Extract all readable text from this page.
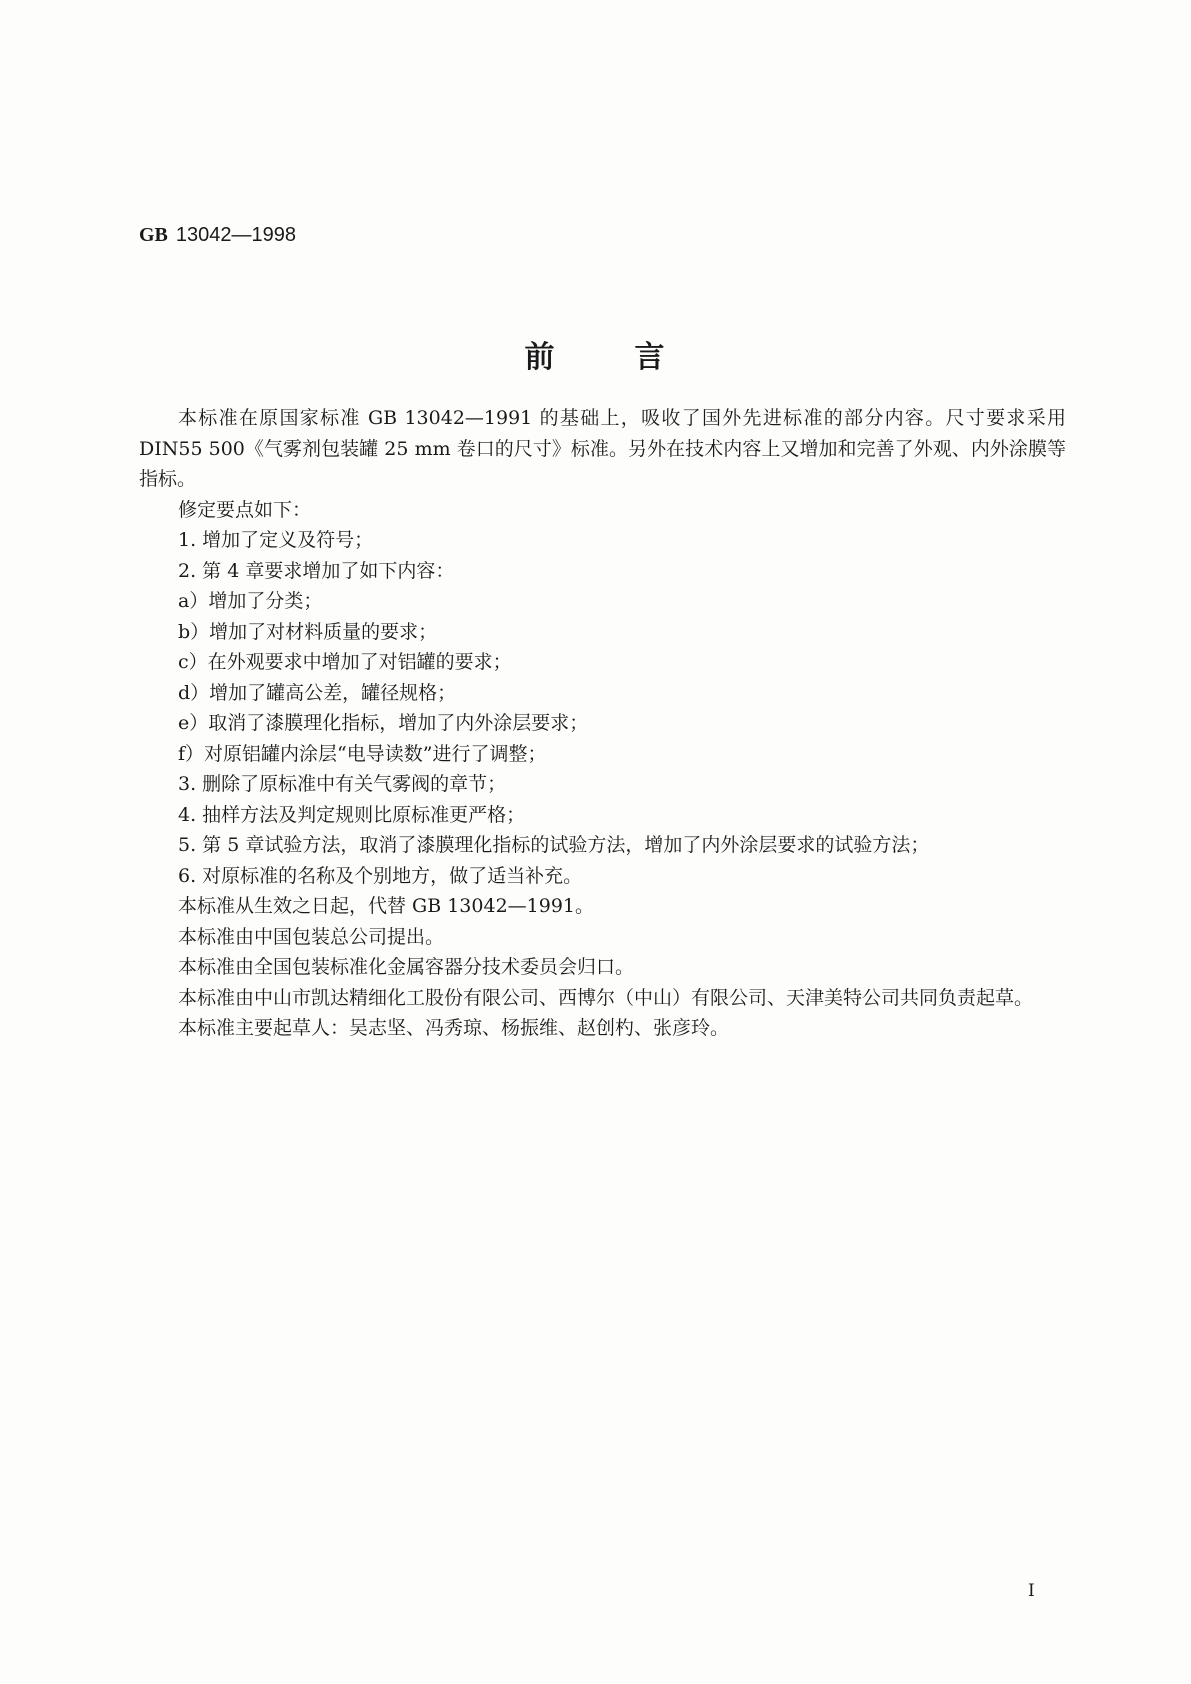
GB 13042—1998
前	言

本标准在原国家标准 GB 13042—1991 的基础上，吸收了国外先进标准的部分内容。尺寸要求采用 DIN55 500《气雾剂包装罐 25 mm 卷口的尺寸》标准。另外在技术内容上又增加和完善了外观、内外涂膜等指标。

修定要点如下：

1. 增加了定义及符号；

2. 第 4 章要求增加了如下内容：

a）增加了分类；

b）增加了对材料质量的要求；

c）在外观要求中增加了对铝罐的要求；

d）增加了罐高公差，罐径规格；

e）取消了漆膜理化指标，增加了内外涂层要求；

f）对原铝罐内涂层“电导读数”进行了调整；

3. 删除了原标准中有关气雾阀的章节；

4. 抽样方法及判定规则比原标准更严格；

5. 第 5 章试验方法，取消了漆膜理化指标的试验方法，增加了内外涂层要求的试验方法；

6. 对原标准的名称及个别地方，做了适当补充。

本标准从生效之日起，代替 GB 13042—1991。

本标准由中国包装总公司提出。

本标准由全国包装标准化金属容器分技术委员会归口。

本标准由中山市凯达精细化工股份有限公司、西博尔（中山）有限公司、天津美特公司共同负责起草。

本标准主要起草人：吴志坚、冯秀琼、杨振维、赵创杓、张彦玲。

I
